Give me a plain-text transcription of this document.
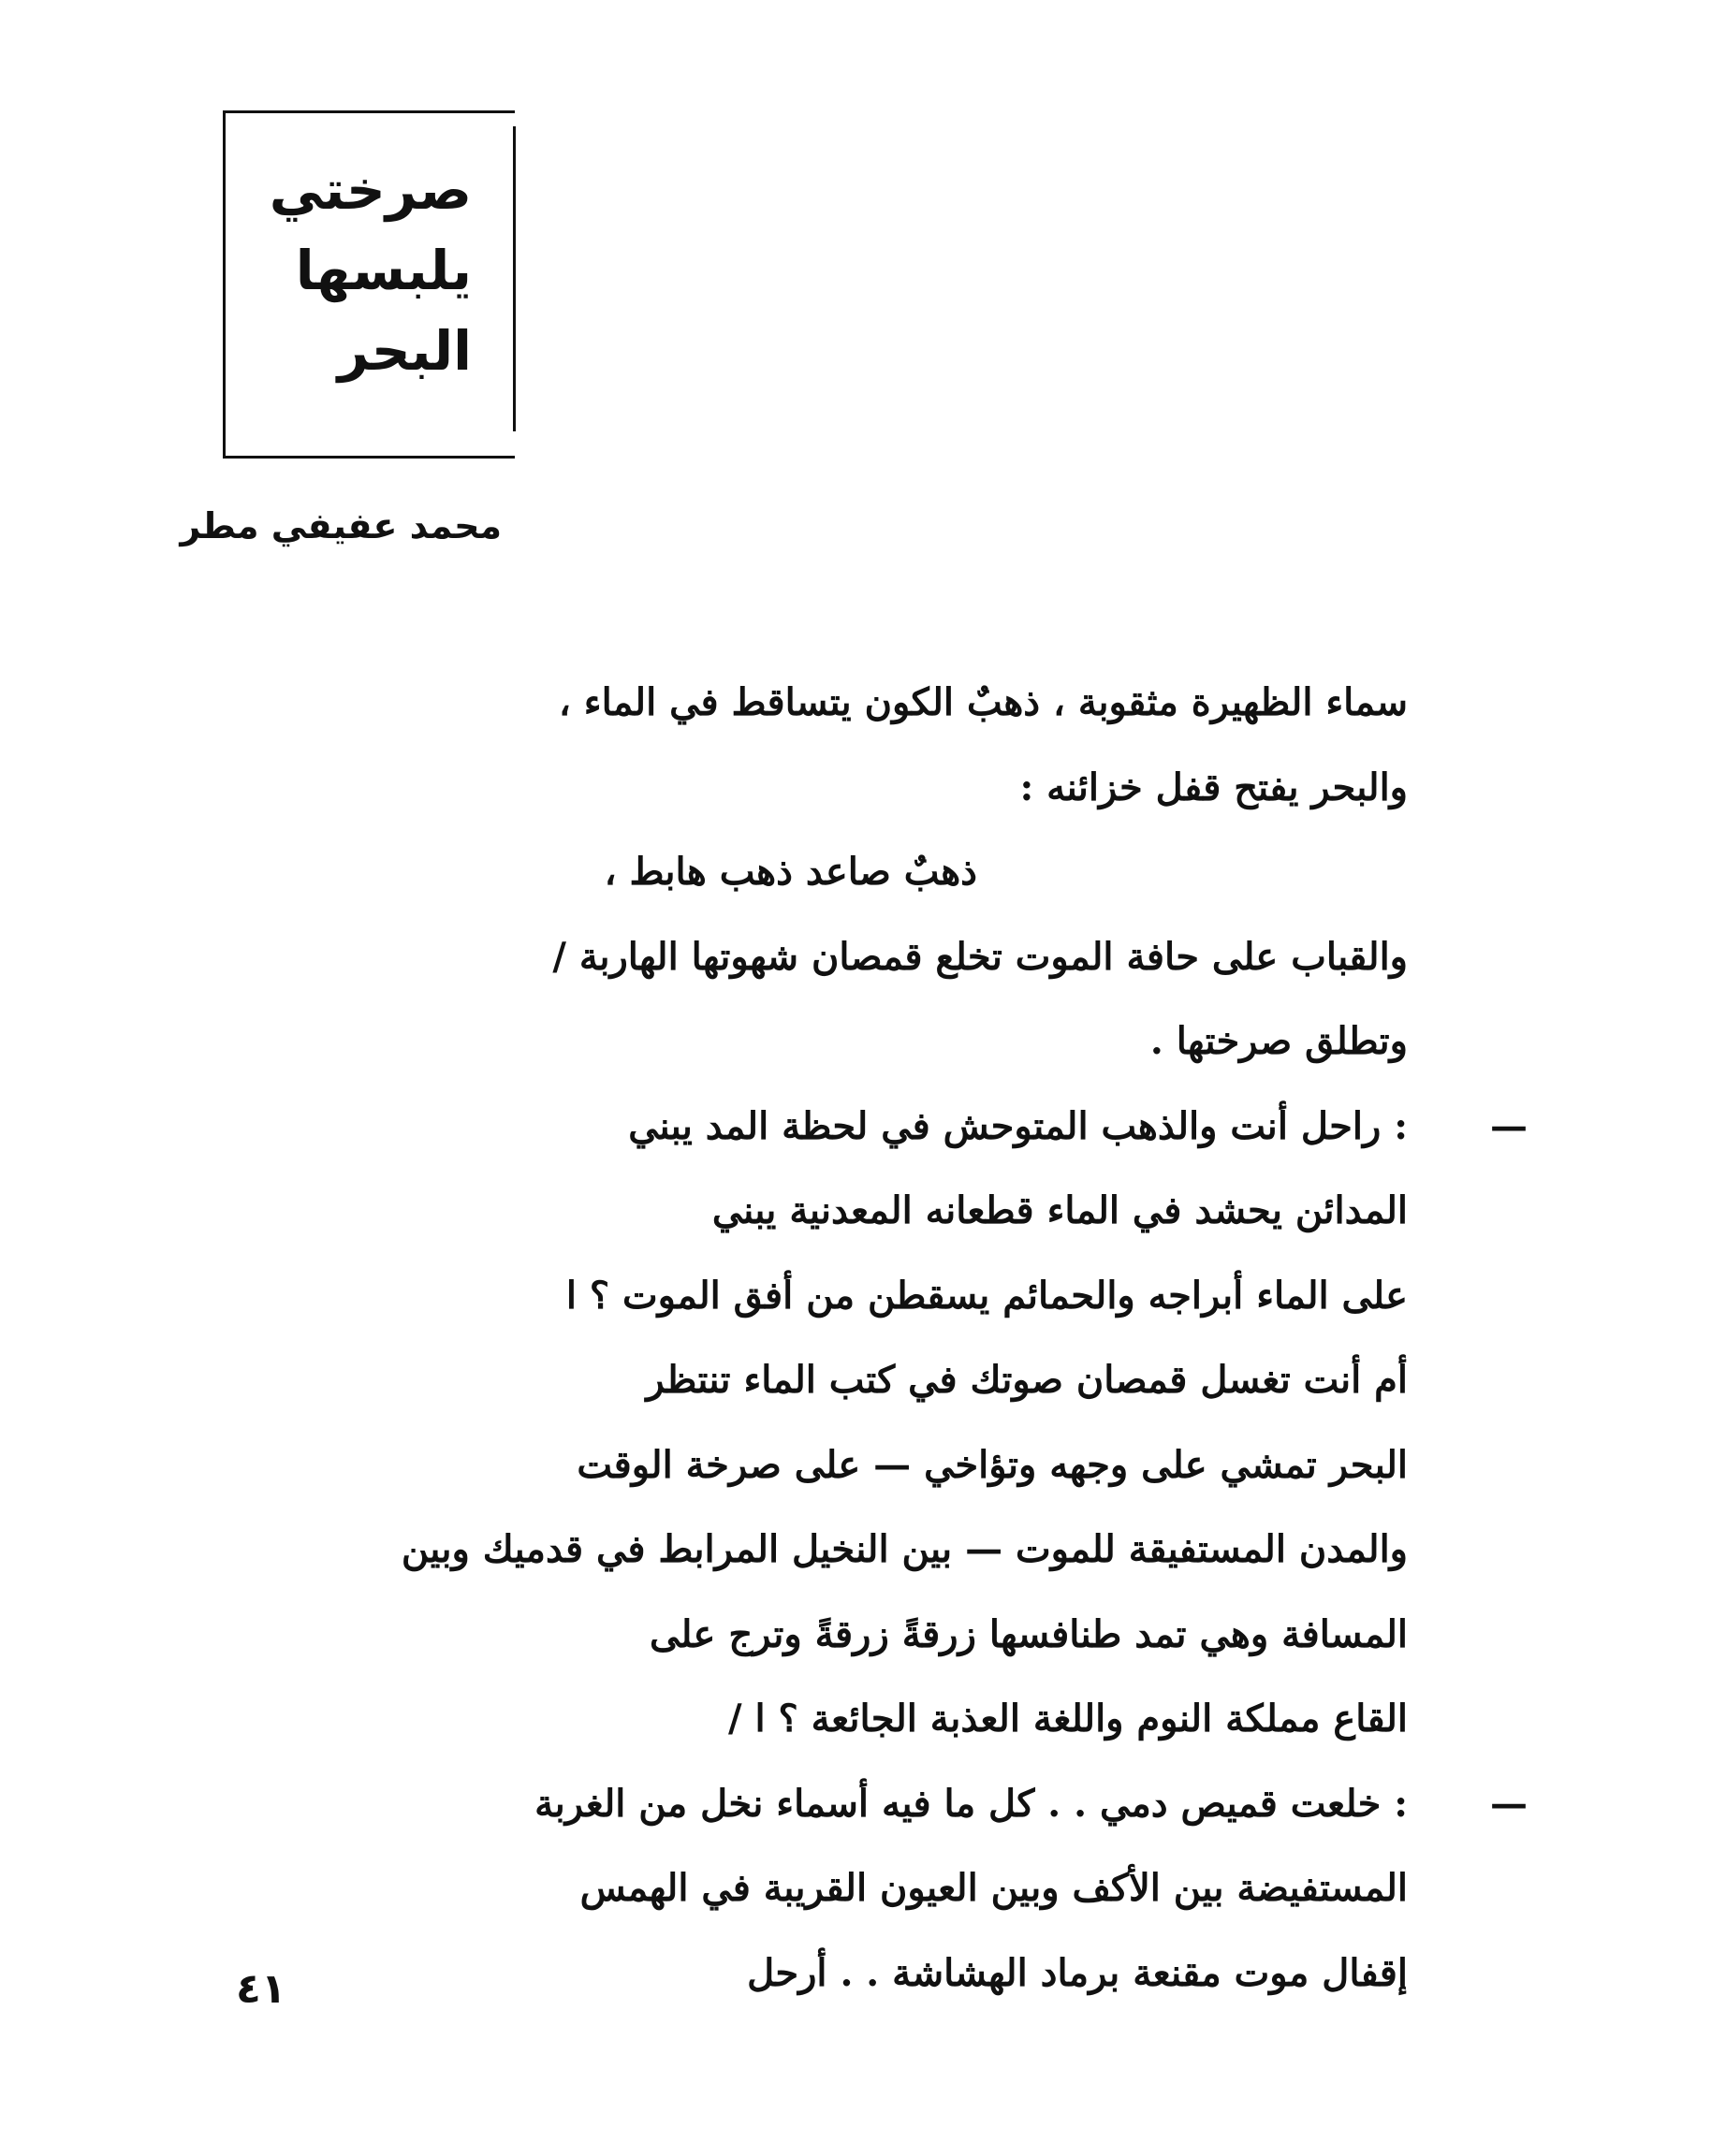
صرختي
يلبسها
البحر
محمد عفيفي مطر
سماء الظهيرة مثقوبة ، ذهبٌ الكون يتساقط في الماء ،
والبحر يفتح قفل خزائنه :
ذهبٌ صاعد ذهب هابط ،
والقباب على حافة الموت تخلع قمصان شهوتها الهاربة /
وتطلق صرختها .
—
: راحل أنت والذهب المتوحش في لحظة المد يبني
المدائن يحشد في الماء قطعانه المعدنية يبني
على الماء أبراجه والحمائم يسقطن من أفق الموت ؟ ا
أم أنت تغسل قمصان صوتك في كتب الماء تنتظر
البحر تمشي على وجهه وتؤاخي — على صرخة الوقت
والمدن المستفيقة للموت — بين النخيل المرابط في قدميك وبين
المسافة وهي تمد طنافسها زرقةً زرقةً وترج على
القاع مملكة النوم واللغة العذبة الجائعة ؟ ا /
—
: خلعت قميص دمي . . كل ما فيه أسماء نخل من الغربة
المستفيضة بين الأكف وبين العيون القريبة في الهمس
إقفال موت مقنعة برماد الهشاشة . . أرحل
٤١
